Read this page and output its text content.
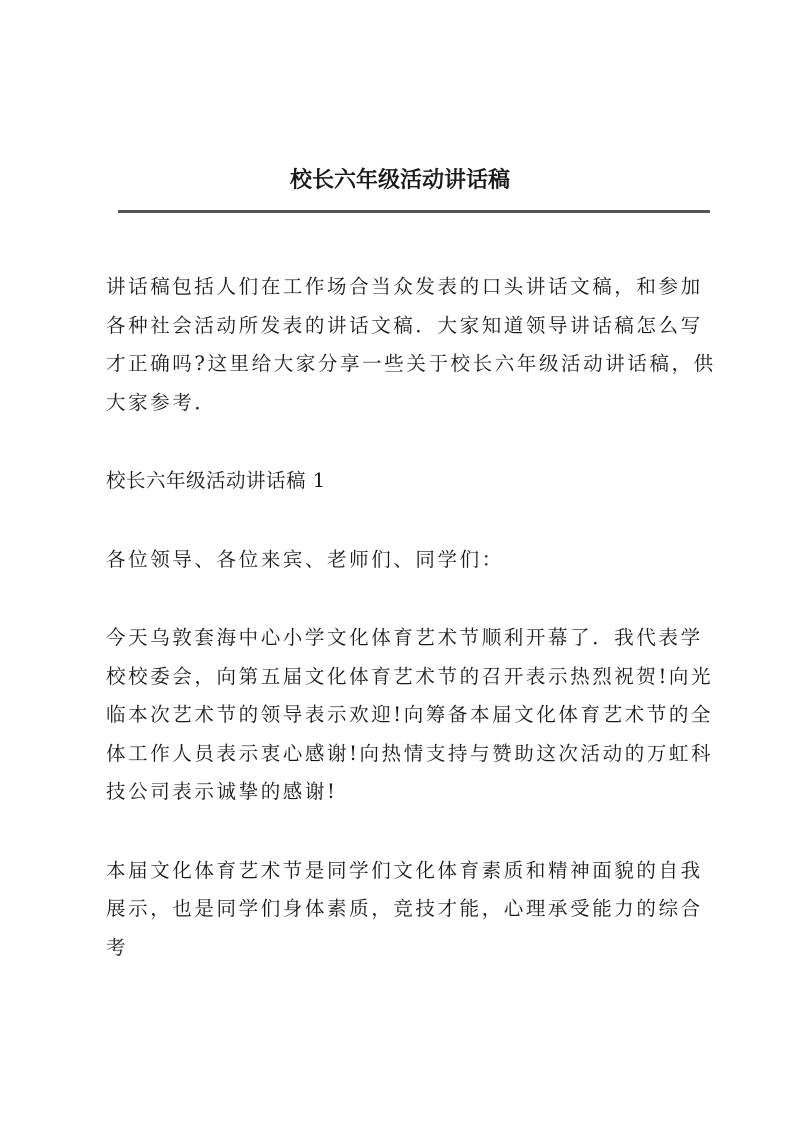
校长六年级活动讲话稿

讲话稿包括人们在工作场合当众发表的口头讲话文稿，和参加各种社会活动所发表的讲话文稿．大家知道领导讲话稿怎么写才正确吗?这里给大家分享一些关于校长六年级活动讲话稿，供大家参考．

校长六年级活动讲话稿 1

各位领导、各位来宾、老师们、同学们：

今天乌敦套海中心小学文化体育艺术节顺利开幕了．我代表学校校委会，向第五届文化体育艺术节的召开表示热烈祝贺!向光临本次艺术节的领导表示欢迎!向筹备本届文化体育艺术节的全体工作人员表示衷心感谢!向热情支持与赞助这次活动的万虹科技公司表示诚挚的感谢!

本届文化体育艺术节是同学们文化体育素质和精神面貌的自我展示，也是同学们身体素质，竞技才能，心理承受能力的综合考
